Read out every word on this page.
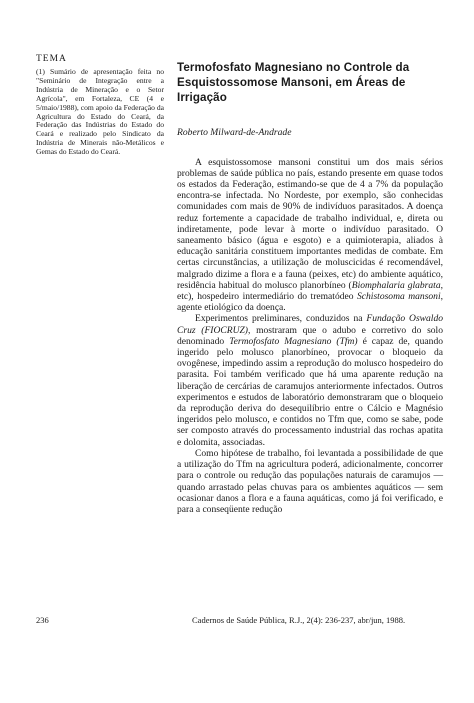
TEMA

(1) Sumário de apresentação feita no "Seminário de Integração entre a Indústria de Mineração e o Setor Agrícola", em Fortaleza, CE (4 e 5/maio/1988), com apoio da Federação da Agricultura do Estado do Ceará, da Federação das Indústrias do Estado do Ceará e realizado pelo Sindicato da Indústria de Minerais não-Metálicos e Gemas do Estado do Ceará.

Termofosfato Magnesiano no Controle da Esquistossomose Mansoni, em Áreas de Irrigação
Roberto Milward-de-Andrade

A esquistossomose mansoni constitui um dos mais sérios problemas de saúde pública no país, estando presente em quase todos os estados da Federação, estimando-se que de 4 a 7% da população encontra-se infectada. No Nordeste, por exemplo, são conhecidas comunidades com mais de 90% de indivíduos parasitados. A doença reduz fortemente a capacidade de trabalho individual, e, direta ou indiretamente, pode levar à morte o indivíduo parasitado. O saneamento básico (água e esgoto) e a quimioterapia, aliados à educação sanitária constituem importantes medidas de combate. Em certas circunstâncias, a utilização de moluscicidas é recomendável, malgrado dizime a flora e a fauna (peixes, etc) do ambiente aquático, residência habitual do molusco planorbíneo (Biomphalaria glabrata, etc), hospedeiro intermediário do trematódeo Schistosoma mansoni, agente etiológico da doença.

Experimentos preliminares, conduzidos na Fundação Oswaldo Cruz (FIOCRUZ), mostraram que o adubo e corretivo do solo denominado Termofosfato Magnesiano (Tfm) é capaz de, quando ingerido pelo molusco planorbíneo, provocar o bloqueio da ovogênese, impedindo assim a reprodução do molusco hospedeiro do parasita. Foi também verificado que há uma aparente redução na liberação de cercárias de caramujos anteriormente infectados. Outros experimentos e estudos de laboratório demonstraram que o bloqueio da reprodução deriva do desequilíbrio entre o Cálcio e Magnésio ingeridos pelo molusco, e contidos no Tfm que, como se sabe, pode ser composto através do processamento industrial das rochas apatita e dolomita, associadas.

Como hipótese de trabalho, foi levantada a possibilidade de que a utilização do Tfm na agricultura poderá, adicionalmente, concorrer para o controle ou redução das populações naturais de caramujos — quando arrastado pelas chuvas para os ambientes aquáticos — sem ocasionar danos a flora e a fauna aquáticas, como já foi verificado, e para a conseqüente redução

236	Cadernos de Saúde Pública, R.J., 2(4): 236-237, abr/jun, 1988.
